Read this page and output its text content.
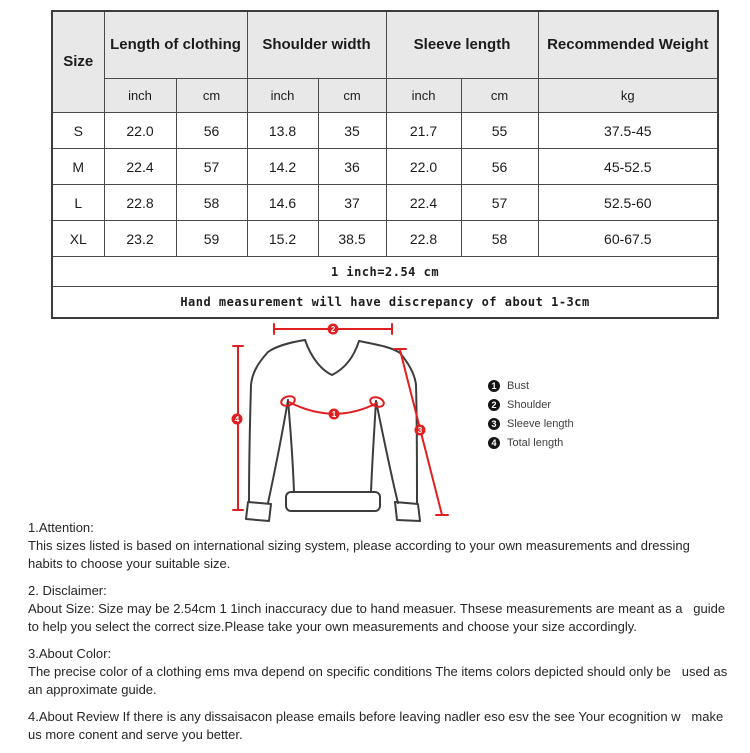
Size	Length of clothing		Shoulder width		Sleeve length		Recommended Weight
	inch	cm	inch	cm	inch	cm	kg
S	22.0	56	13.8	35	21.7	55	37.5-45
M	22.4	57	14.2	36	22.0	56	45-52.5
L	22.8	58	14.6	37	22.4	57	52.5-60
XL	23.2	59	15.2	38.5	22.8	58	60-67.5
1 inch=2.54 cm							
Hand measurement will have discrepancy of about 1-3cm							
1
2
3
4
1 Bust
2 Shoulder
3 Sleeve length
4 Total length
1.Attention:
This sizes listed is based on international sizing system, please according to your own measurements and dressing   habits to choose your suitable size.
2. Disclaimer:
About Size: Size may be 2.54cm 1 1inch inaccuracy due to hand measuer. Thsese measurements are meant as a   guide to help you select the correct size.Please take your own measurements and choose your size accordingly.
3.About Color:
The precise color of a clothing ems mva depend on specific conditions The items colors depicted should only be   used as an approximate guide.
4.About Review If there is any dissaisacon please emails before leaving nadler eso esv the see Your ecognition w   make us more conent and serve you better.
